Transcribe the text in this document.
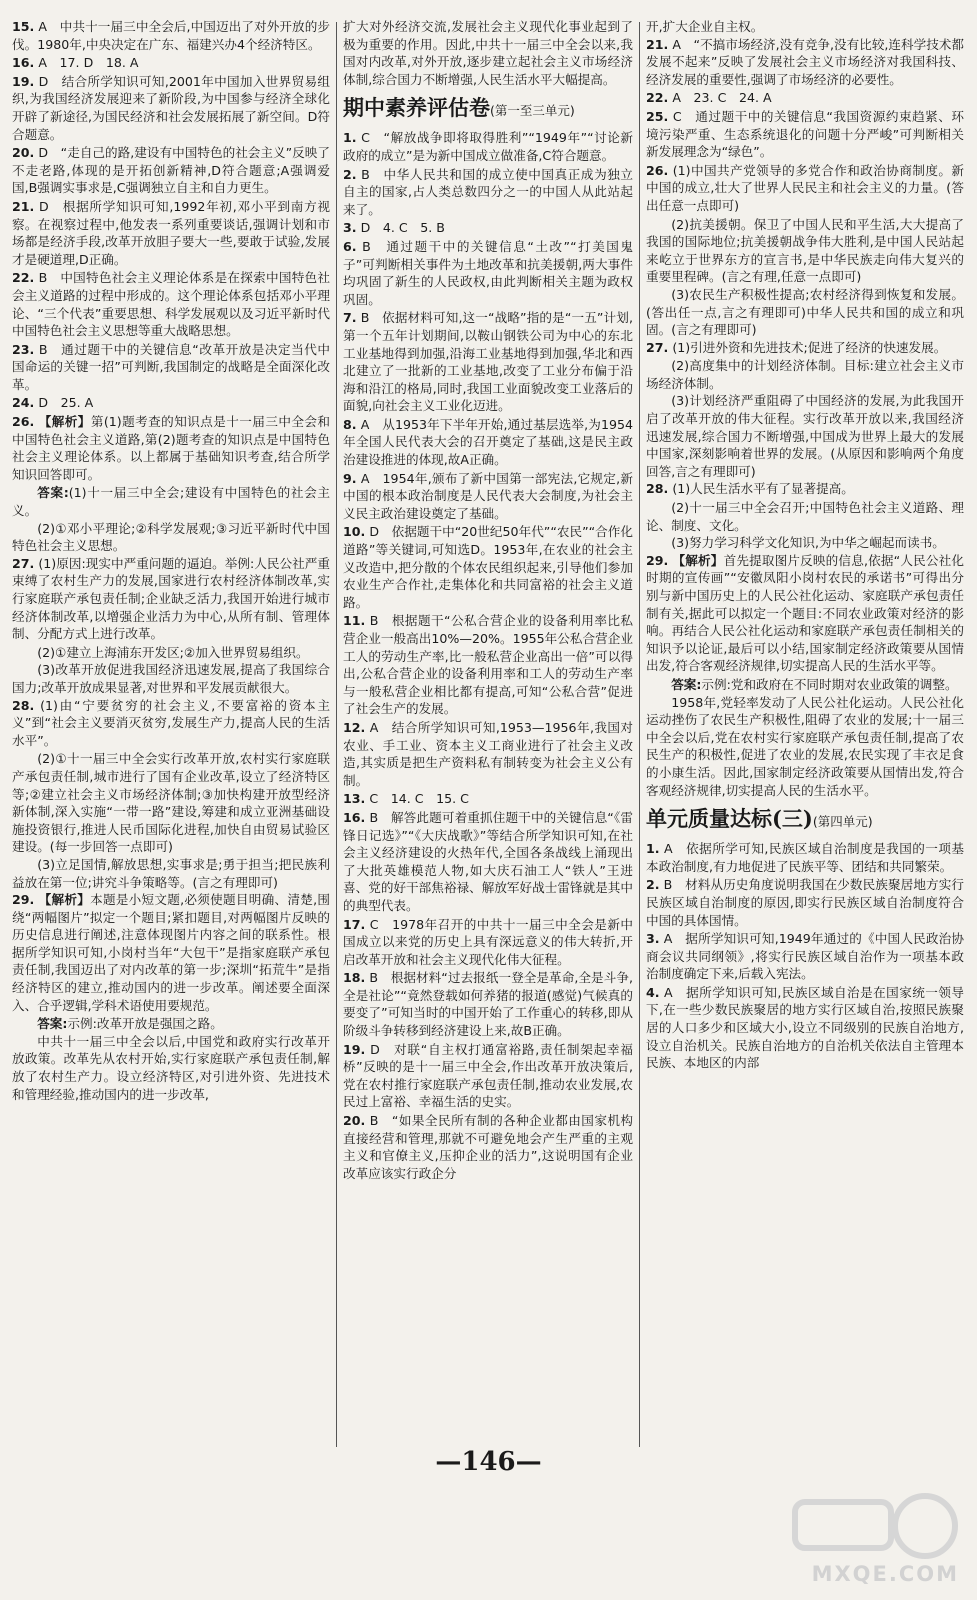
15. A　中共十一届三中全会后,中国迈出了对外开放的步伐。1980年,中央决定在广东、福建兴办4个经济特区。
16. A　17. D　18. A
19. D　结合所学知识可知,2001年中国加入世界贸易组织,为我国经济发展迎来了新阶段,为中国参与经济全球化开辟了新途径,为国民经济和社会发展拓展了新空间。D符合题意。
20. D　“走自己的路,建设有中国特色的社会主义”反映了不走老路,体现的是开拓创新精神,D符合题意;A强调爱国,B强调实事求是,C强调独立自主和自力更生。
21. D　根据所学知识可知,1992年初,邓小平到南方视察。在视察过程中,他发表一系列重要谈话,强调计划和市场都是经济手段,改革开放胆子要大一些,要敢于试验,发展才是硬道理,D正确。
22. B　中国特色社会主义理论体系是在探索中国特色社会主义道路的过程中形成的。这个理论体系包括邓小平理论、“三个代表”重要思想、科学发展观以及习近平新时代中国特色社会主义思想等重大战略思想。
23. B　通过题干中的关键信息“改革开放是决定当代中国命运的关键一招”可判断,我国制定的战略是全面深化改革。
24. D　25. A
26. 【解析】第(1)题考查的知识点是十一届三中全会和中国特色社会主义道路,第(2)题考查的知识点是中国特色社会主义理论体系。以上都属于基础知识考查,结合所学知识回答即可。
答案:(1)十一届三中全会;建设有中国特色的社会主义。
(2)①邓小平理论;②科学发展观;③习近平新时代中国特色社会主义思想。
27. (1)原因:现实中严重问题的逼迫。举例:人民公社严重束缚了农村生产力的发展,国家进行农村经济体制改革,实行家庭联产承包责任制;企业缺乏活力,我国开始进行城市经济体制改革,以增强企业活力为中心,从所有制、管理体制、分配方式上进行改革。
(2)①建立上海浦东开发区;②加入世界贸易组织。
(3)改革开放促进我国经济迅速发展,提高了我国综合国力;改革开放成果显著,对世界和平发展贡献很大。
28. (1)由“宁要贫穷的社会主义,不要富裕的资本主义”到“社会主义要消灭贫穷,发展生产力,提高人民的生活水平”。
(2)①十一届三中全会实行改革开放,农村实行家庭联产承包责任制,城市进行了国有企业改革,设立了经济特区等;②建立社会主义市场经济体制;③加快构建开放型经济新体制,深入实施“一带一路”建设,筹建和成立亚洲基础设施投资银行,推进人民币国际化进程,加快自由贸易试验区建设。(每一步回答一点即可)
(3)立足国情,解放思想,实事求是;勇于担当;把民族利益放在第一位;讲究斗争策略等。(言之有理即可)
29. 【解析】本题是小短文题,必须使题目明确、清楚,围绕“两幅图片”拟定一个题目;紧扣题目,对两幅图片反映的历史信息进行阐述,注意体现图片内容之间的联系性。根据所学知识可知,小岗村当年“大包干”是指家庭联产承包责任制,我国迈出了对内改革的第一步;深圳“拓荒牛”是指经济特区的建立,推动国内的进一步改革。阐述要全面深入、合乎逻辑,学科术语使用要规范。
答案:示例:改革开放是强国之路。
中共十一届三中全会以后,中国党和政府实行改革开放政策。改革先从农村开始,实行家庭联产承包责任制,解放了农村生产力。设立经济特区,对引进外资、先进技术和管理经验,推动国内的进一步改革,
扩大对外经济交流,发展社会主义现代化事业起到了极为重要的作用。因此,中共十一届三中全会以来,我国对内改革,对外开放,逐步建立起社会主义市场经济体制,综合国力不断增强,人民生活水平大幅提高。
期中素养评估卷(第一至三单元)
1. C　“解放战争即将取得胜利”“1949年”“讨论新政府的成立”是为新中国成立做准备,C符合题意。
2. B　中华人民共和国的成立使中国真正成为独立自主的国家,占人类总数四分之一的中国人从此站起来了。
3. D　4. C　5. B
6. B　通过题干中的关键信息“土改”“打美国鬼子”可判断相关事件为土地改革和抗美援朝,两大事件均巩固了新生的人民政权,由此判断相关主题为政权巩固。
7. B　依据材料可知,这一“战略”指的是“一五”计划,第一个五年计划期间,以鞍山钢铁公司为中心的东北工业基地得到加强,沿海工业基地得到加强,华北和西北建立了一批新的工业基地,改变了工业分布偏于沿海和沿江的格局,同时,我国工业面貌改变工业落后的面貌,向社会主义工业化迈进。
8. A　从1953年下半年开始,通过基层选举,为1954年全国人民代表大会的召开奠定了基础,这是民主政治建设推进的体现,故A正确。
9. A　1954年,颁布了新中国第一部宪法,它规定,新中国的根本政治制度是人民代表大会制度,为社会主义民主政治建设奠定了基础。
10. D　依据题干中“20世纪50年代”“农民”“合作化道路”等关键词,可知选D。1953年,在农业的社会主义改造中,把分散的个体农民组织起来,引导他们参加农业生产合作社,走集体化和共同富裕的社会主义道路。
11. B　根据题干“公私合营企业的设备利用率比私营企业一般高出10%—20%。1955年公私合营企业工人的劳动生产率,比一般私营企业高出一倍”可以得出,公私合营企业的设备利用率和工人的劳动生产率与一般私营企业相比都有提高,可知“公私合营”促进了社会生产的发展。
12. A　结合所学知识可知,1953—1956年,我国对农业、手工业、资本主义工商业进行了社会主义改造,其实质是把生产资料私有制转变为社会主义公有制。
13. C　14. C　15. C
16. B　解答此题可着重抓住题干中的关键信息“《雷锋日记选》”“《大庆战歌》”等结合所学知识可知,在社会主义经济建设的火热年代,全国各条战线上涌现出了大批英雄模范人物,如大庆石油工人“铁人”王进喜、党的好干部焦裕禄、解放军好战士雷锋就是其中的典型代表。
17. C　1978年召开的中共十一届三中全会是新中国成立以来党的历史上具有深远意义的伟大转折,开启改革开放和社会主义现代化伟大征程。
18. B　根据材料“过去报纸一登全是革命,全是斗争,全是社论”“竟然登载如何养猪的报道(感觉)气候真的要变了”可知当时的中国开始了工作重心的转移,即从阶级斗争转移到经济建设上来,故B正确。
19. D　对联“自主权打通富裕路,责任制架起幸福桥”反映的是十一届三中全会,作出改革开放决策后,党在农村推行家庭联产承包责任制,推动农业发展,农民过上富裕、幸福生活的史实。
20. B　“如果全民所有制的各种企业都由国家机构直接经营和管理,那就不可避免地会产生严重的主观主义和官僚主义,压抑企业的活力”,这说明国有企业改革应该实行政企分
开,扩大企业自主权。
21. A　“不搞市场经济,没有竞争,没有比较,连科学技术都发展不起来”反映了发展社会主义市场经济对我国科技、经济发展的重要性,强调了市场经济的必要性。
22. A　23. C　24. A
25. C　通过题干中的关键信息“我国资源约束趋紧、环境污染严重、生态系统退化的问题十分严峻”可判断相关新发展理念为“绿色”。
26. (1)中国共产党领导的多党合作和政治协商制度。新中国的成立,壮大了世界人民民主和社会主义的力量。(答出任意一点即可)
(2)抗美援朝。保卫了中国人民和平生活,大大提高了我国的国际地位;抗美援朝战争伟大胜利,是中国人民站起来屹立于世界东方的宣言书,是中华民族走向伟大复兴的重要里程碑。(言之有理,任意一点即可)
(3)农民生产积极性提高;农村经济得到恢复和发展。(答出任一点,言之有理即可)中华人民共和国的成立和巩固。(言之有理即可)
27. (1)引进外资和先进技术;促进了经济的快速发展。
(2)高度集中的计划经济体制。目标:建立社会主义市场经济体制。
(3)计划经济严重阻碍了中国经济的发展,为此我国开启了改革开放的伟大征程。实行改革开放以来,我国经济迅速发展,综合国力不断增强,中国成为世界上最大的发展中国家,深刻影响着世界的发展。(从原因和影响两个角度回答,言之有理即可)
28. (1)人民生活水平有了显著提高。
(2)十一届三中全会召开;中国特色社会主义道路、理论、制度、文化。
(3)努力学习科学文化知识,为中华之崛起而读书。
29. 【解析】首先提取图片反映的信息,依据“人民公社化时期的宣传画”“安徽凤阳小岗村农民的承诺书”可得出分别与新中国历史上的人民公社化运动、家庭联产承包责任制有关,据此可以拟定一个题目:不同农业政策对经济的影响。再结合人民公社化运动和家庭联产承包责任制相关的知识予以论证,最后可以小结,国家制定经济政策要从国情出发,符合客观经济规律,切实提高人民的生活水平等。
答案:示例:党和政府在不同时期对农业政策的调整。
1958年,党轻率发动了人民公社化运动。人民公社化运动挫伤了农民生产积极性,阻碍了农业的发展;十一届三中全会以后,党在农村实行家庭联产承包责任制,提高了农民生产的积极性,促进了农业的发展,农民实现了丰衣足食的小康生活。因此,国家制定经济政策要从国情出发,符合客观经济规律,切实提高人民的生活水平。
单元质量达标(三)(第四单元)
1. A　依据所学可知,民族区域自治制度是我国的一项基本政治制度,有力地促进了民族平等、团结和共同繁荣。
2. B　材料从历史角度说明我国在少数民族聚居地方实行民族区域自治制度的原因,即实行民族区域自治制度符合中国的具体国情。
3. A　据所学知识可知,1949年通过的《中国人民政治协商会议共同纲领》,将实行民族区域自治作为一项基本政治制度确定下来,后载入宪法。
4. A　据所学知识可知,民族区域自治是在国家统一领导下,在一些少数民族聚居的地方实行区域自治,按照民族聚居的人口多少和区域大小,设立不同级别的民族自治地方,设立自治机关。民族自治地方的自治机关依法自主管理本民族、本地区的内部
—146—
MXQE.COM
